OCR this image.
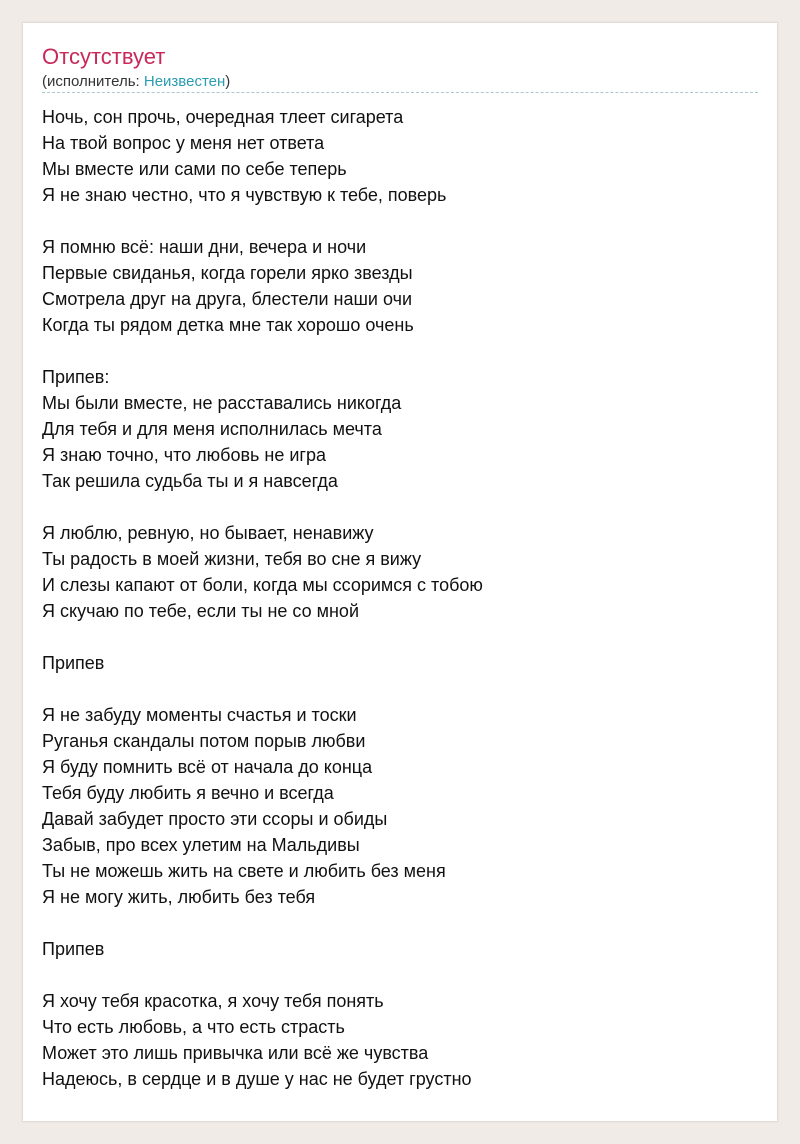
Отсутствует
(исполнитель: Неизвестен)
Ночь, сон прочь, очередная тлеет сигарета
На твой вопрос у меня нет ответа
Мы вместе или сами по себе теперь
Я не знаю честно, что я чувствую к тебе, поверь
Я помню всё: наши дни, вечера и ночи
Первые свиданья, когда горели ярко звезды
Смотрела друг на друга, блестели наши очи
Когда ты рядом детка мне так хорошо очень
Припев:
Мы были вместе, не расставались никогда
Для тебя и для меня исполнилась мечта
Я знаю точно, что любовь не игра
Так решила судьба ты и я навсегда
Я люблю, ревную, но бывает, ненавижу
Ты радость в моей жизни, тебя во сне я вижу
И слезы капают от боли, когда мы ссоримся с тобою
Я скучаю по тебе, если ты не со мной
Припев
Я не забуду моменты счастья и тоски
Руганья скандалы потом порыв любви
Я буду помнить всё от начала до конца
Тебя буду любить я вечно и всегда
Давай забудет просто эти ссоры и обиды
Забыв, про всех улетим на Мальдивы
Ты не можешь жить на свете и любить без меня
Я не могу жить, любить без тебя
Припев
Я хочу тебя красотка, я хочу тебя понять
Что есть любовь, а что есть страсть
Может это лишь привычка или всё же чувства
Надеюсь, в сердце и в душе у нас не будет грустно
